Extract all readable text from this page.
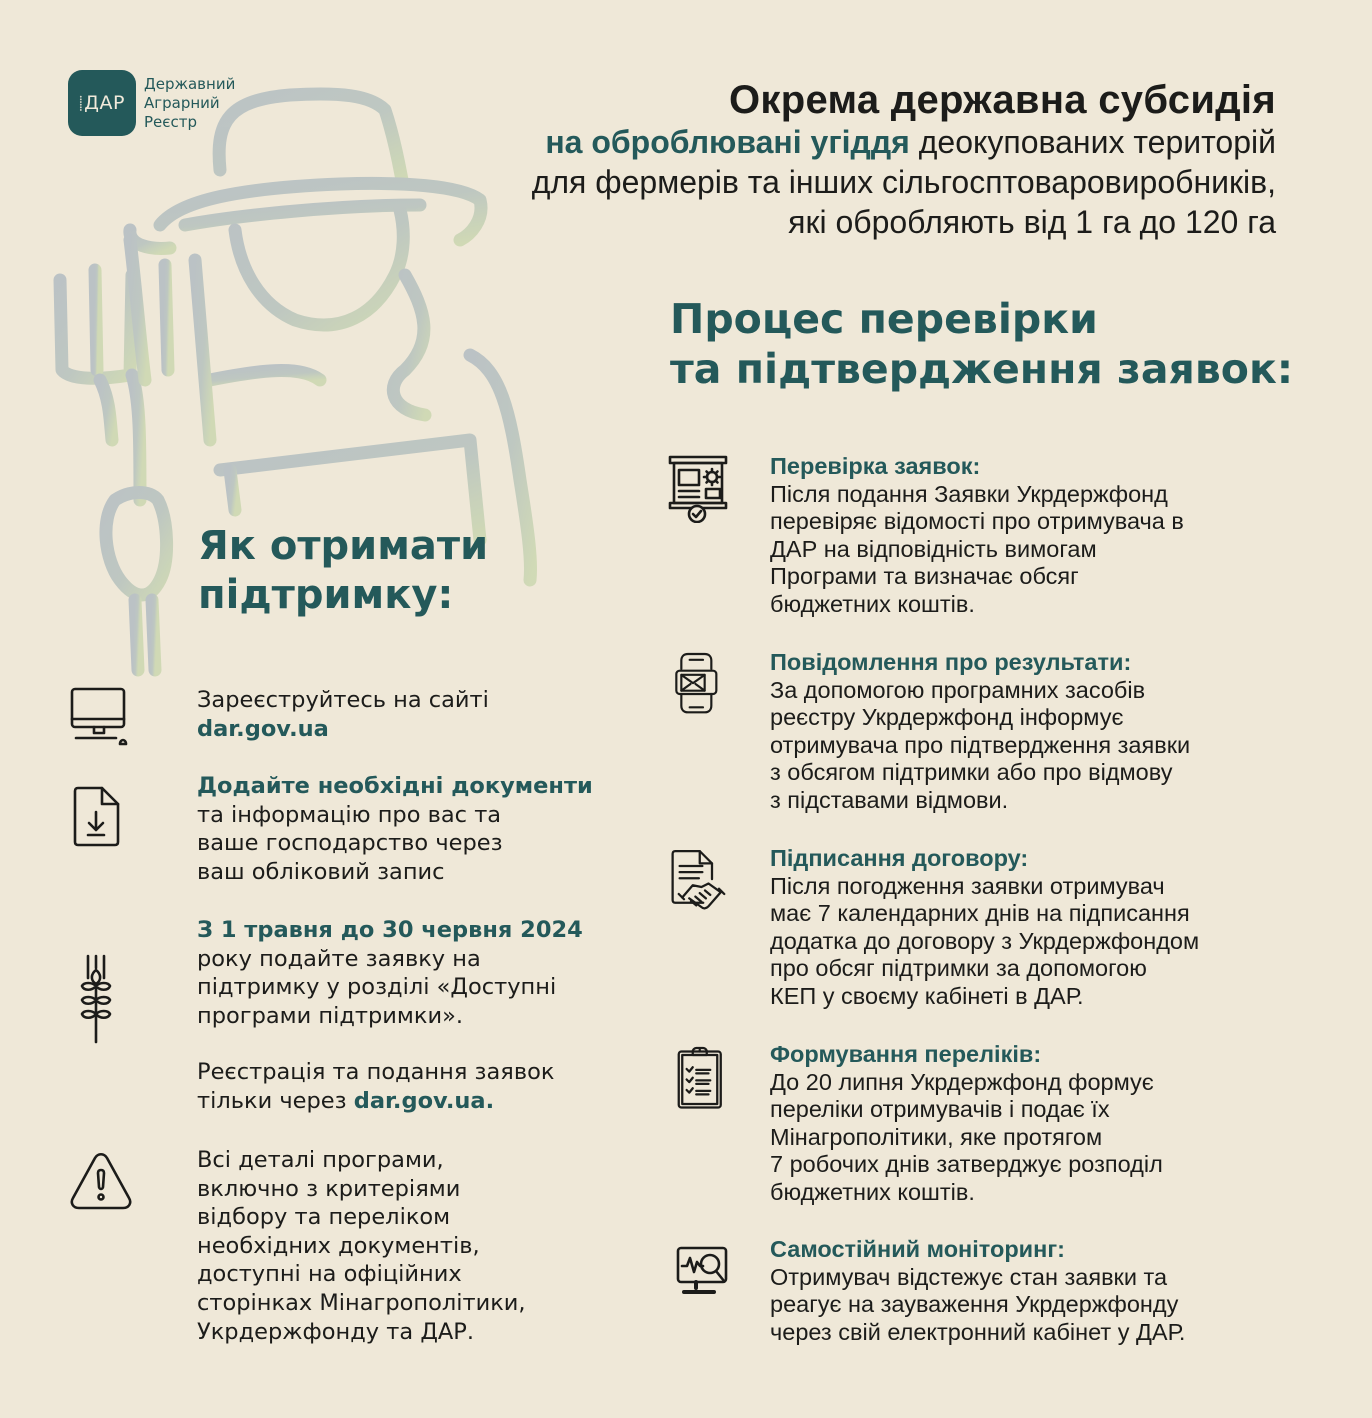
⸽ ДАР
Державний
Аграрний
Реєстр	Окрема державна субсидія
на оброблювані угіддя деокупованих територій
для фермерів та інших сільгосптоваровиробників,
які обробляють від 1 га до 120 га
Процес перевірки
та підтвердження заявок:
Перевірка заявок:
Після подання Заявки Укрдержфонд
перевіряє відомості про отримувача в
ДАР на відповідність вимогам
Програми та визначає обсяг
бюджетних коштів.
Повідомлення про результати:
За допомогою програмних засобів
реєстру Укрдержфонд інформує
отримувача про підтвердження заявки
з обсягом підтримки або про відмову
з підставами відмови.
Підписання договору:
Після погодження заявки отримувач
має 7 календарних днів на підписання
додатка до договору з Укрдержфондом
про обсяг підтримки за допомогою
КЕП у своєму кабінеті в ДАР.
Формування переліків:
До 20 липня Укрдержфонд формує
переліки отримувачів і подає їх
Мінагрополітики, яке протягом
7 робочих днів затверджує розподіл
бюджетних коштів.
Самостійний моніторинг:
Отримувач відстежує стан заявки та
реагує на зауваження Укрдержфонду
через свій електронний кабінет у ДАР.
Як отримати
підтримку:
Зареєструйтесь на сайті
dar.gov.ua
Додайте необхідні документи
та інформацію про вас та
ваше господарство через
ваш обліковий запис
З 1 травня до 30 червня 2024
року подайте заявку на
підтримку у розділі «Доступні
програми підтримки».
Реєстрація та подання заявок
тільки через dar.gov.ua.
Всі деталі програми,
включно з критеріями
відбору та переліком
необхідних документів,
доступні на офіційних
сторінках Мінагрополітики,
Укрдержфонду та ДАР.
